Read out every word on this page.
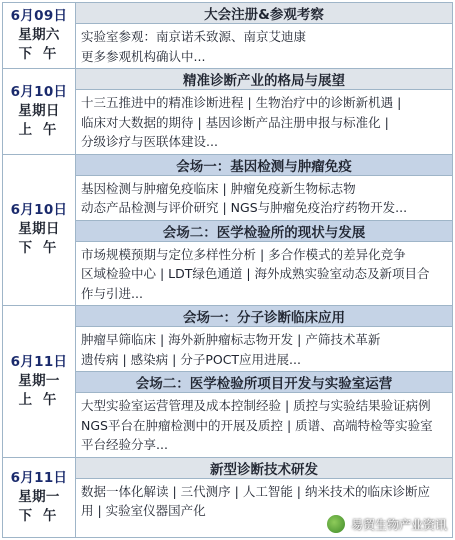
大会注册&参观考察

实验室参观：南京诺禾致源、南京艾迪康

更多参观机构确认中...

6月09日
星期六
下 午
精准诊断产业的格局与展望

十三五推进中的精准诊断进程 | 生物治疗中的诊断新机遇 |

临床对大数据的期待 | 基因诊断产品注册申报与标准化 |

分级诊疗与医联体建设...

6月10日
星期日
上 午
会场一：基因检测与肿瘤免疫

基因检测与肿瘤免疫临床 | 肿瘤免疫新生物标志物

动态产品检测与评价研究 | NGS与肿瘤免疫治疗药物开发...

会场二：医学检验所的现状与发展

市场规模预期与定位多样性分析 | 多合作模式的差异化竞争

区域检验中心 | LDT绿色通道 | 海外成熟实验室动态及新项目合

作与引进...

6月10日
星期日
下 午
会场一：分子诊断临床应用

肿瘤早筛临床 | 海外新肿瘤标志物开发 | 产筛技术革新

遗传病 | 感染病 | 分子POCT应用进展...

会场二：医学检验所项目开发与实验室运营

大型实验室运营管理及成本控制经验 | 质控与实验结果验证病例

NGS平台在肿瘤检测中的开展及质控 | 质谱、高端特检等实验室

平台经验分享...

6月11日
星期一
上 午
新型诊断技术研发

数据一体化解读 | 三代测序 | 人工智能 | 纳米技术的临床诊断应

用 | 实验室仪器国产化

6月11日
星期一
下 午
易贸生物产业资讯
